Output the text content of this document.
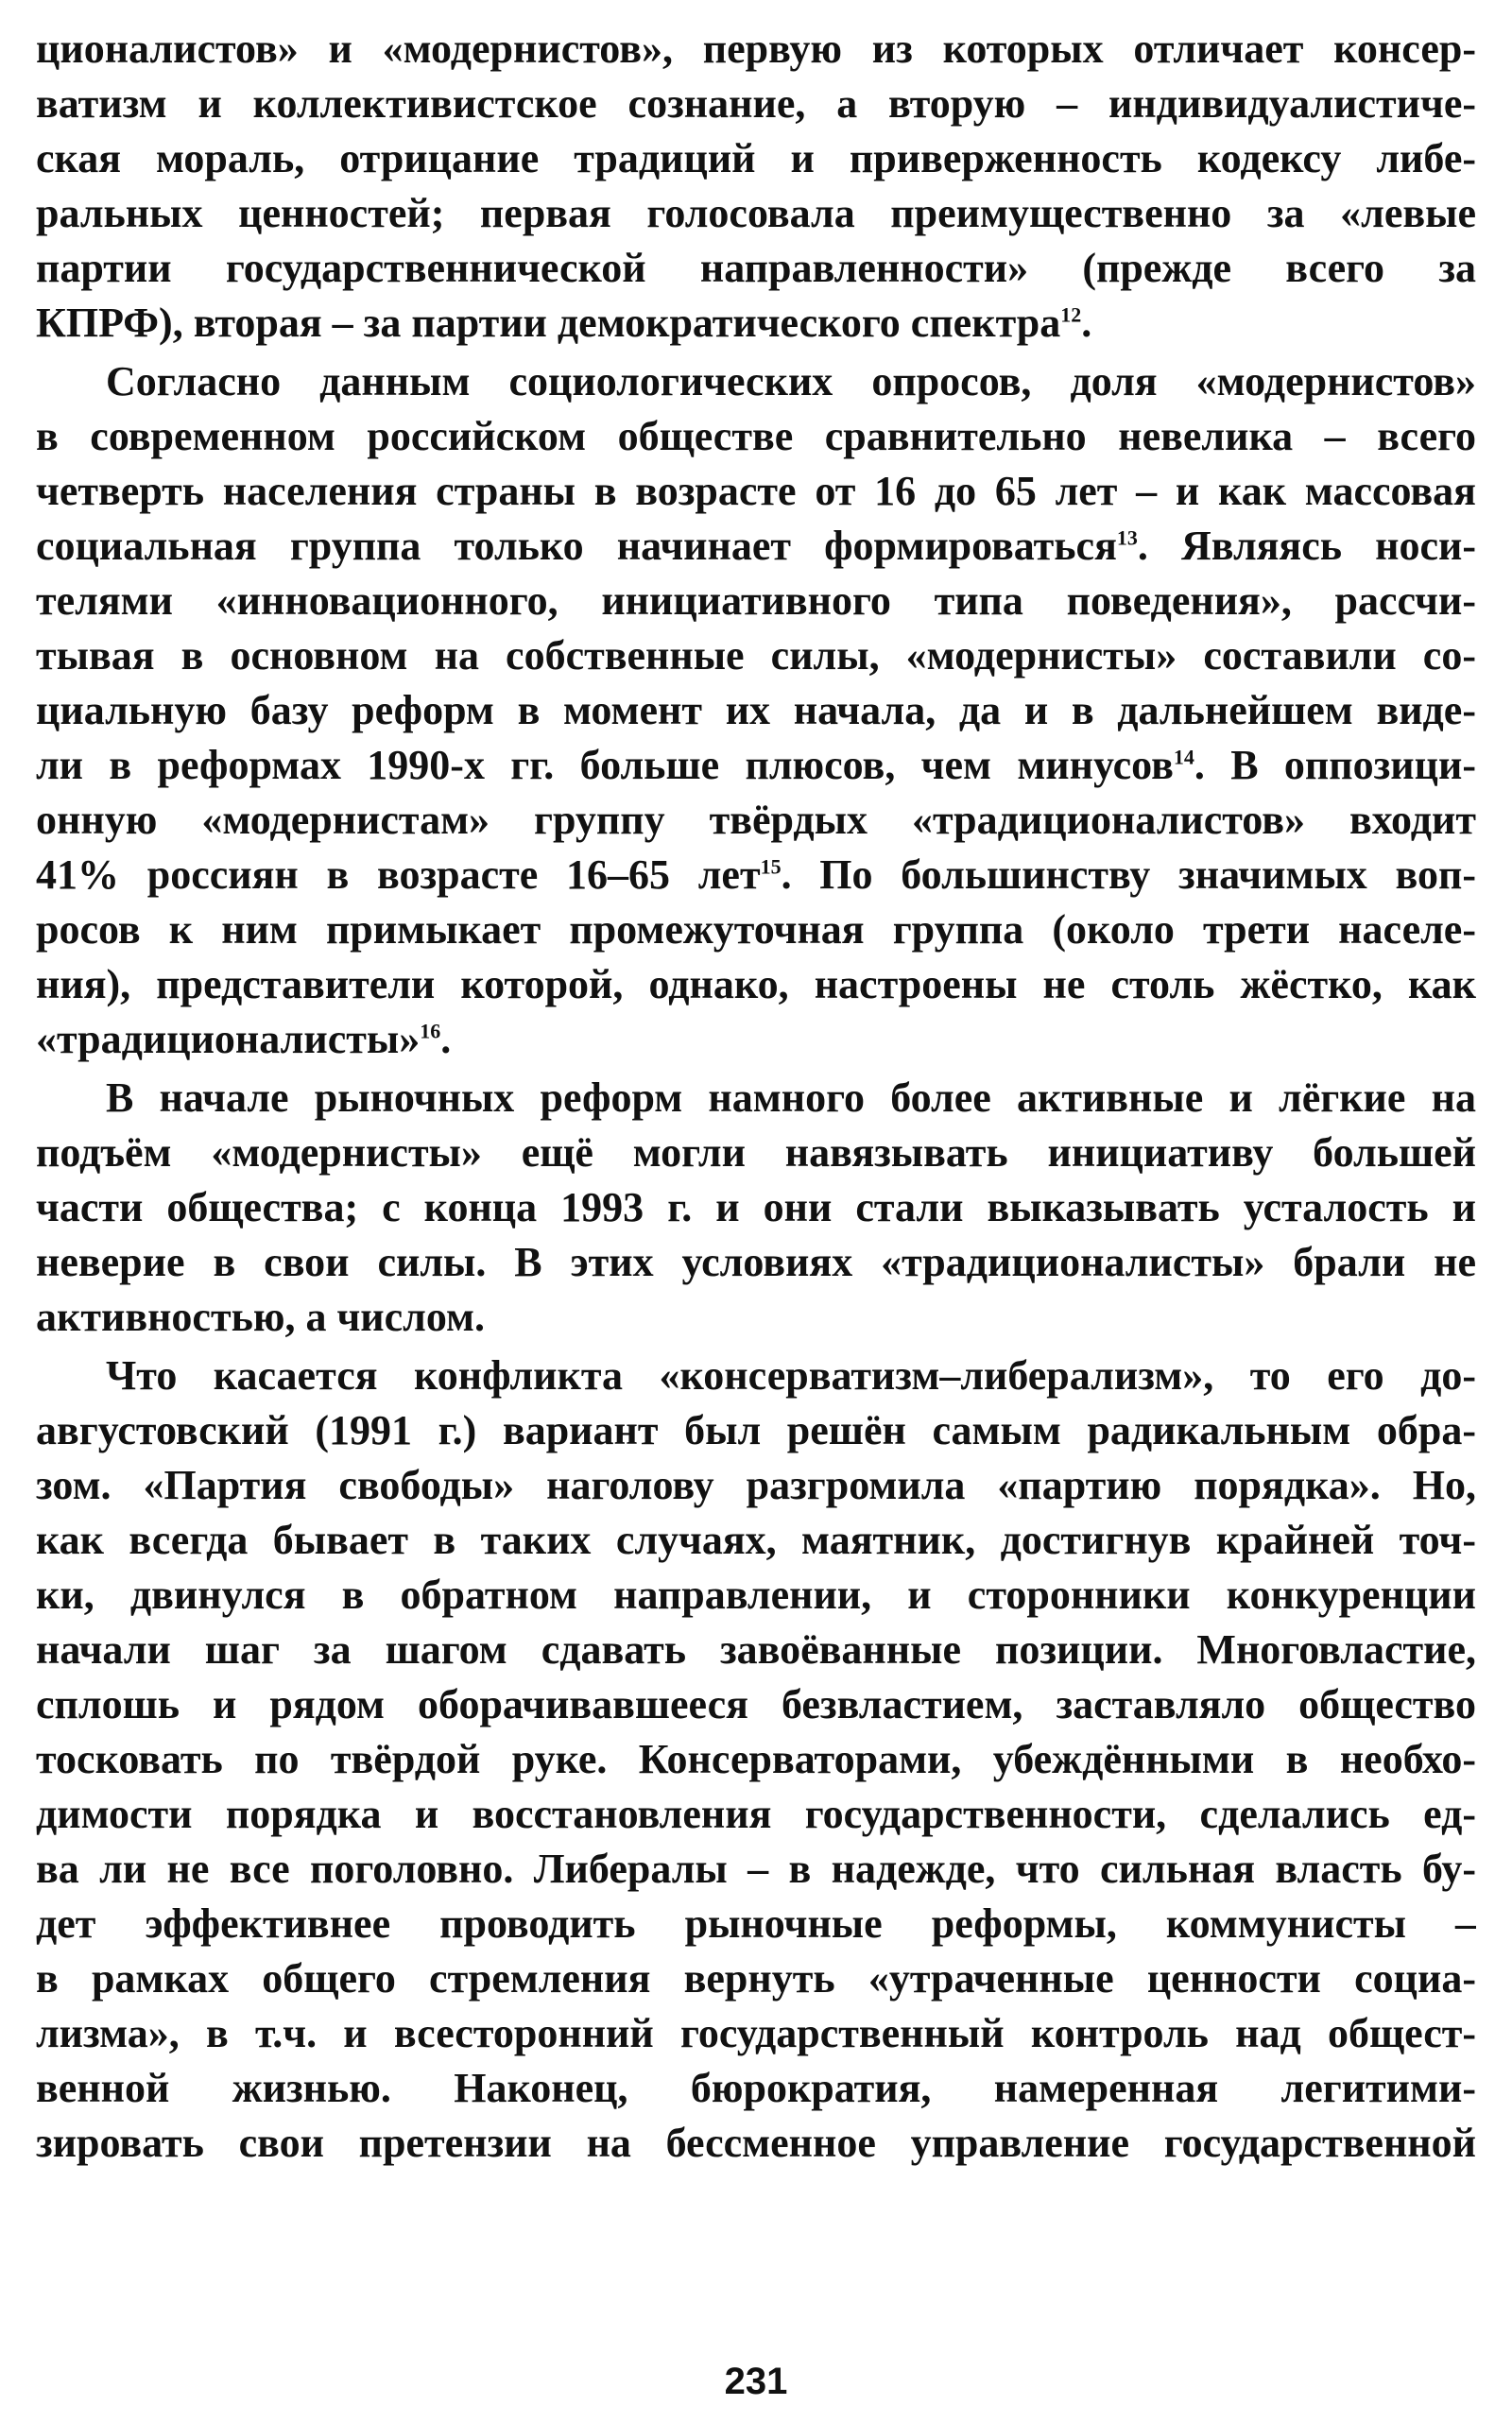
ционалистов» и «модернистов», первую из которых отличает консер-
ватизм и коллективистское сознание, а вторую – индивидуалистиче-
ская мораль, отрицание традиций и приверженность кодексу либе-
ральных ценностей; первая голосовала преимущественно за «левые
партии государственнической направленности» (прежде всего за
КПРФ), вторая – за партии демократического спектра$^{12}$.
Согласно данным социологических опросов, доля «модернистов»
в современном российском обществе сравнительно невелика – всего
четверть населения страны в возрасте от 16 до 65 лет – и как массовая
социальная группа только начинает формироваться$^{13}$. Являясь носи-
телями «инновационного, инициативного типа поведения», рассчи-
тывая в основном на собственные силы, «модернисты» составили со-
циальную базу реформ в момент их начала, да и в дальнейшем виде-
ли в реформах 1990-х гг. больше плюсов, чем минусов$^{14}$. В оппозици-
онную «модернистам» группу твёрдых «традиционалистов» входит
41% россиян в возрасте 16–65 лет$^{15}$. По большинству значимых воп-
росов к ним примыкает промежуточная группа (около трети населе-
ния), представители которой, однако, настроены не столь жёстко, как
«традиционалисты»$^{16}$.
В начале рыночных реформ намного более активные и лёгкие на
подъём «модернисты» ещё могли навязывать инициативу большей
части общества; с конца 1993 г. и они стали выказывать усталость и
неверие в свои силы. В этих условиях «традиционалисты» брали не
активностью, а числом.
Что касается конфликта «консерватизм–либерализм», то его до-
августовский (1991 г.) вариант был решён самым радикальным обра-
зом. «Партия свободы» наголову разгромила «партию порядка». Но,
как всегда бывает в таких случаях, маятник, достигнув крайней точ-
ки, двинулся в обратном направлении, и сторонники конкуренции
начали шаг за шагом сдавать завоёванные позиции. Многовластие,
сплошь и рядом оборачивавшееся безвластием, заставляло общество
тосковать по твёрдой руке. Консерваторами, убеждёнными в необхо-
димости порядка и восстановления государственности, сделались ед-
ва ли не все поголовно. Либералы – в надежде, что сильная власть бу-
дет эффективнее проводить рыночные реформы, коммунисты –
в рамках общего стремления вернуть «утраченные ценности социа-
лизма», в т.ч. и всесторонний государственный контроль над общест-
венной жизнью. Наконец, бюрократия, намеренная легитими-
зировать свои претензии на бессменное управление государственной
231
